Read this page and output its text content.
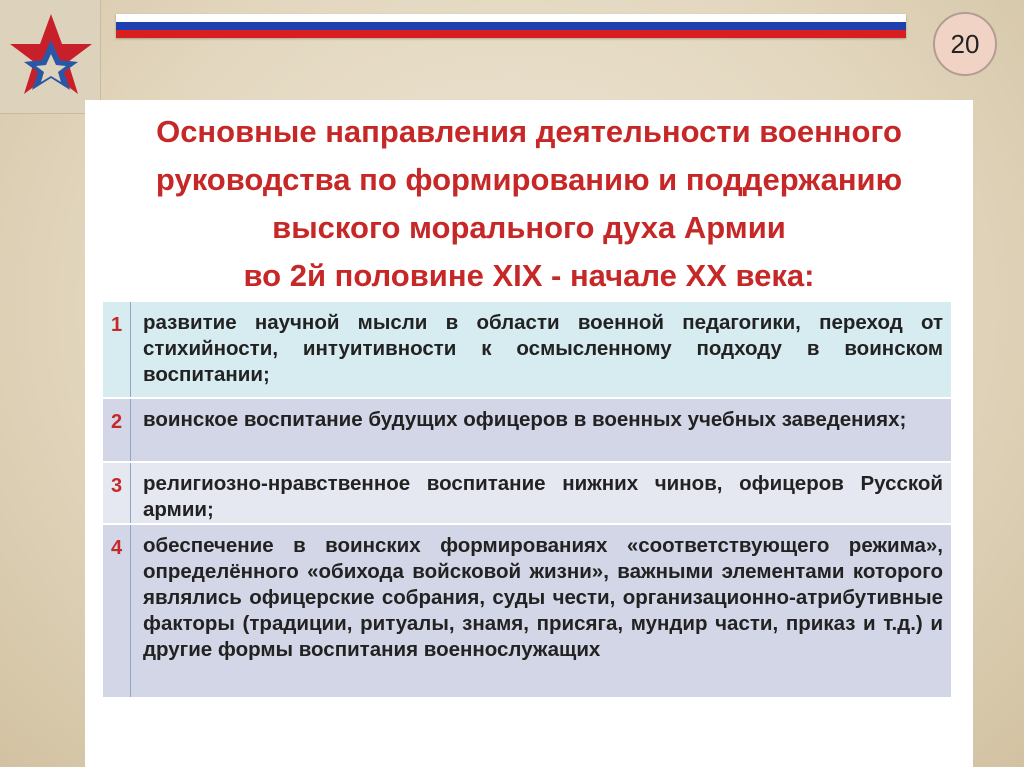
20
Основные направления деятельности военного
руководства по формированию и поддержанию
выского морального духа Армии
во 2й половине XIX - начале XX века:
1	развитие научной мысли в области военной педагогики, переход от стихийности, интуитивности к осмысленному подходу в воинском воспитании;
2	воинское воспитание будущих офицеров в военных учебных заведениях;
3	религиозно-нравственное воспитание нижних чинов, офицеров Русской армии;
4	обеспечение в воинских формированиях «соответствующего режима», определённого «обихода войсковой жизни», важными элементами которого являлись офицерские собрания, суды чести, организационно-атрибутивные факторы (традиции, ритуалы, знамя, присяга, мундир части, приказ и т.д.) и другие формы воспитания военнослужащих
